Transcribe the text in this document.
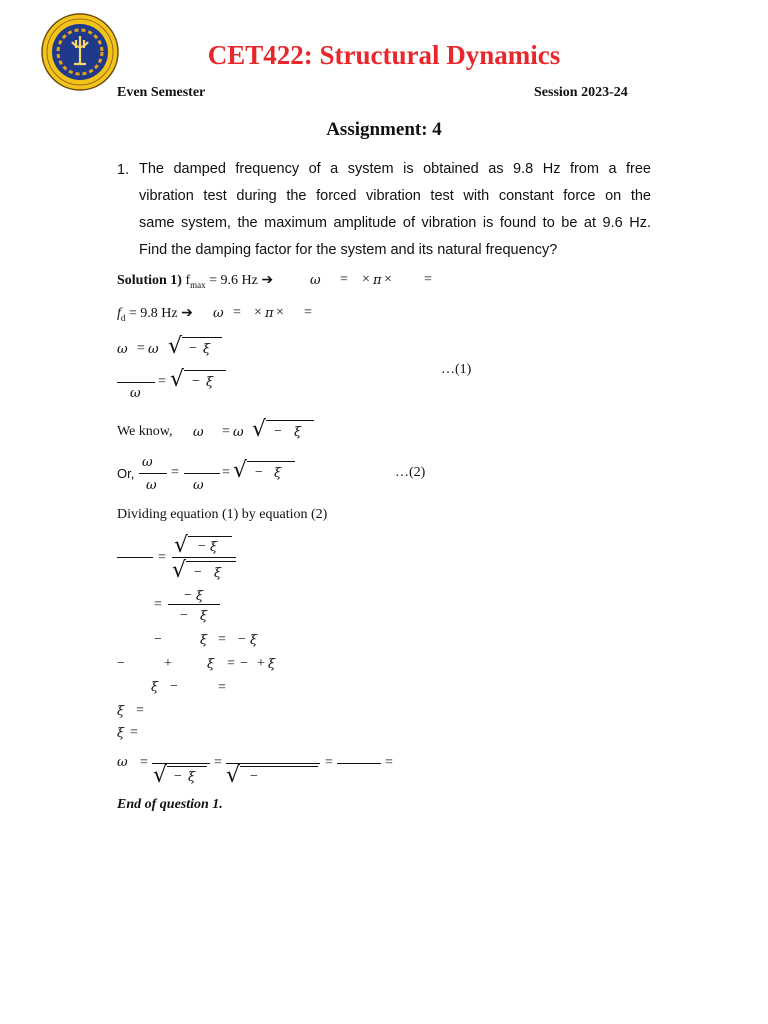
CET422: Structural Dynamics
Even Semester	Session 2023-24
Assignment: 4
1. The damped frequency of a system is obtained as 9.8 Hz from a free
vibration test during the forced vibration test with constant force on the
same system, the maximum amplitude of vibration is found to be at 9.6 Hz.
Find the damping factor for the system and its natural frequency?
Solution 1) $f_{max} = 9.6$ Hz ➔	ω = × π × =
$f_d = 9.8$ Hz ➔ ω = × π × =
ω = ω √ − ξ
ω
= √ − ξ
…(1)
We know, ω = ω √ − ξ
Or,
ω
ω
=
ω
= √ − ξ	…(2)
Dividing equation (1) by equation (2)
= √ − ξ
√ − ξ
=
− ξ
− ξ
−	ξ = − ξ
−	+	ξ = − + ξ
ξ −	=
ξ =
ξ =
ω =
√ − ξ
=
√ −
=	=
End of question 1.
